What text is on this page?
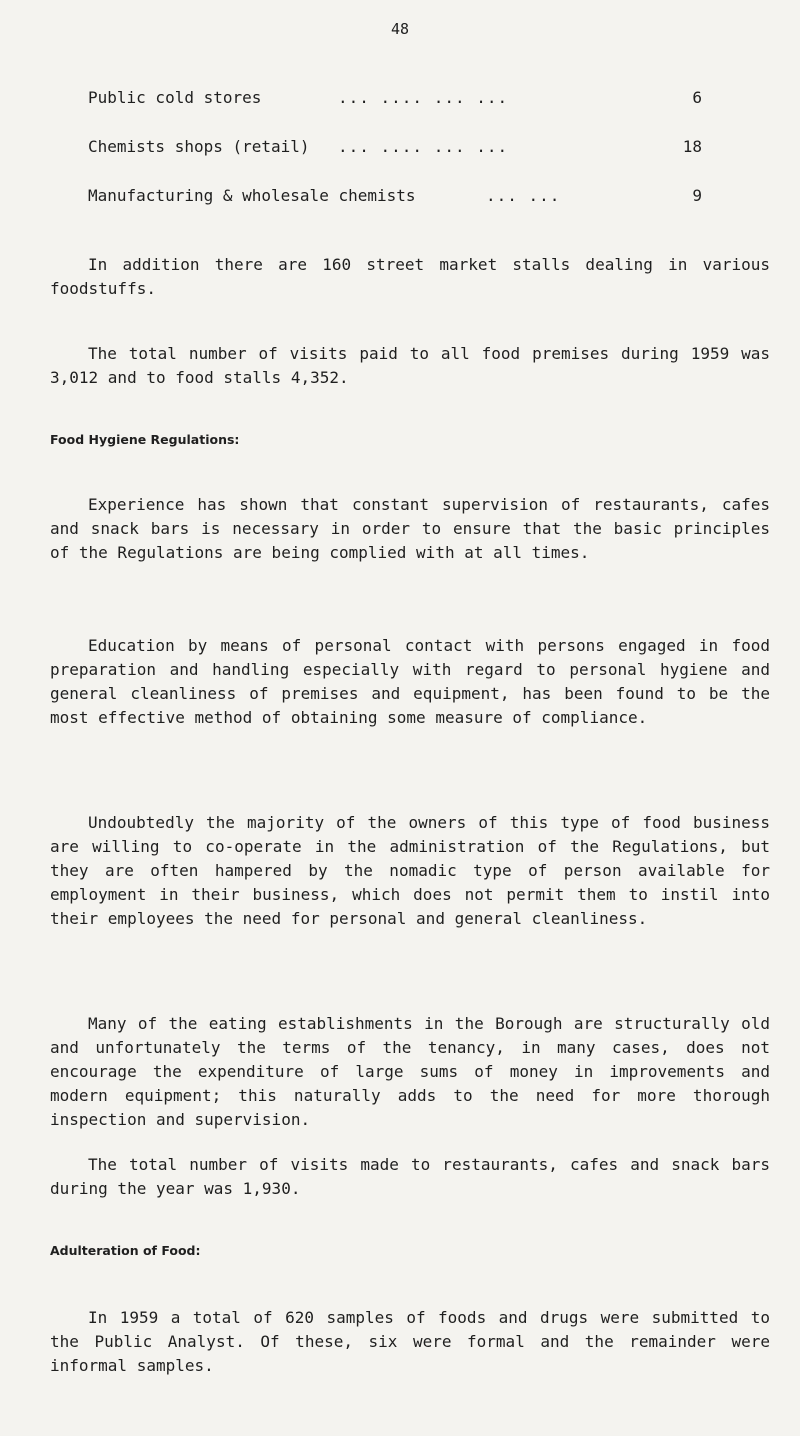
48
Public cold stores	... .... ... ...	6
Chemists shops (retail) ... .... ... ...	18
Manufacturing & wholesale chemists	... ...	9

In addition there are 160 street market stalls dealing in various foodstuffs.

The total number of visits paid to all food premises during 1959 was 3,012 and to food stalls 4,352.

Food Hygiene Regulations:

Experience has shown that constant supervision of restaurants, cafes and snack bars is necessary in order to ensure that the basic principles of the Regulations are being complied with at all times.

Education by means of personal contact with persons engaged in food preparation and handling especially with regard to personal hygiene and general cleanliness of premises and equipment, has been found to be the most effective method of obtaining some measure of compliance.

Undoubtedly the majority of the owners of this type of food business are willing to co-operate in the administration of the Regulations, but they are often hampered by the nomadic type of person available for employment in their business, which does not permit them to instil into their employees the need for personal and general cleanliness.

Many of the eating establishments in the Borough are structurally old and unfortunately the terms of the tenancy, in many cases, does not encourage the expenditure of large sums of money in improvements and modern equipment; this naturally adds to the need for more thorough inspection and supervision.

The total number of visits made to restaurants, cafes and snack bars during the year was 1,930.

Adulteration of Food:

In 1959 a total of 620 samples of foods and drugs were submitted to the Public Analyst. Of these, six were formal and the remainder were informal samples.
